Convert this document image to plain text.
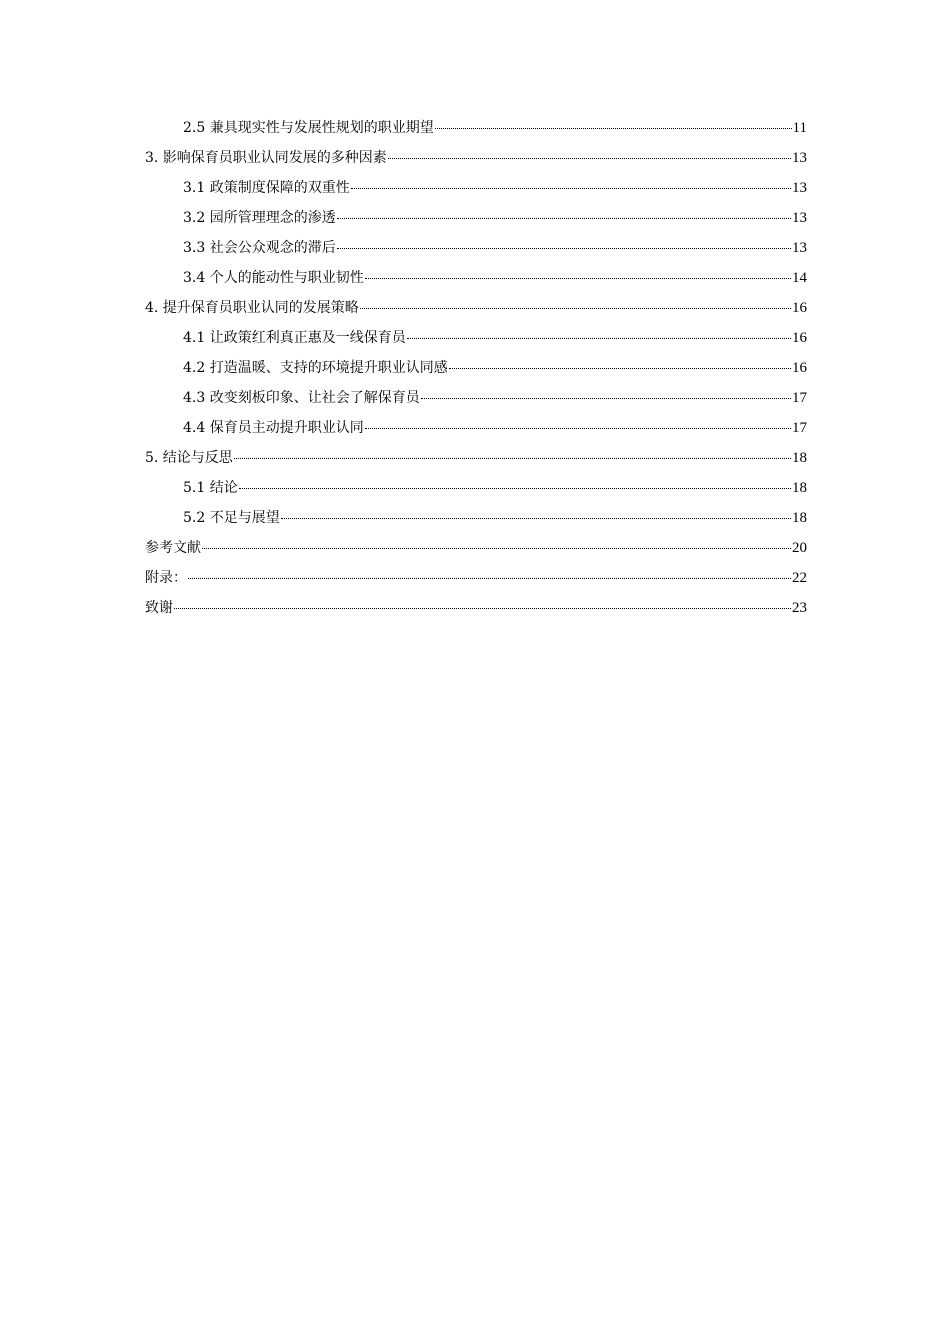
2.5 兼具现实性与发展性规划的职业期望	11
3. 影响保育员职业认同发展的多种因素	13
3.1 政策制度保障的双重性	13
3.2 园所管理理念的渗透	13
3.3 社会公众观念的滞后	13
3.4 个人的能动性与职业韧性	14
4. 提升保育员职业认同的发展策略	16
4.1 让政策红利真正惠及一线保育员	16
4.2 打造温暖、支持的环境提升职业认同感	16
4.3 改变刻板印象、让社会了解保育员	17
4.4 保育员主动提升职业认同	17
5. 结论与反思	18
5.1 结论	18
5.2 不足与展望	18
参考文献	20
附录：	22
致谢	23
